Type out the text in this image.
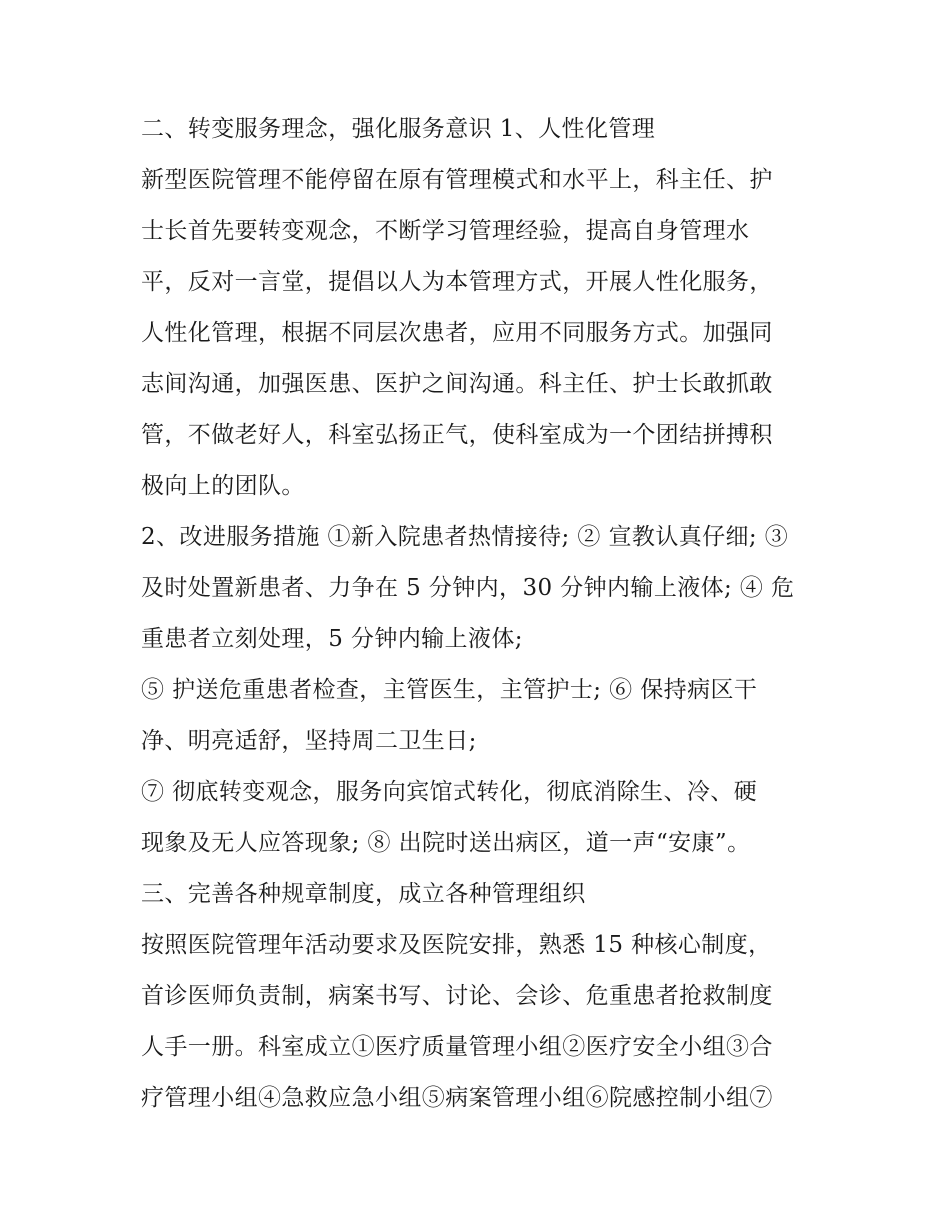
二、转变服务理念，强化服务意识 1、人性化管理
新型医院管理不能停留在原有管理模式和水平上，科主任、护
士长首先要转变观念，不断学习管理经验，提高自身管理水
平，反对一言堂，提倡以人为本管理方式，开展人性化服务，
人性化管理，根据不同层次患者，应用不同服务方式。加强同
志间沟通，加强医患、医护之间沟通。科主任、护士长敢抓敢
管，不做老好人，科室弘扬正气，使科室成为一个团结拼搏积
极向上的团队。
2、改进服务措施 ①新入院患者热情接待; ② 宣教认真仔细; ③
及时处置新患者、力争在 5 分钟内，30 分钟内输上液体; ④ 危
重患者立刻处理，5 分钟内输上液体;
⑤ 护送危重患者检查，主管医生，主管护士; ⑥ 保持病区干
净、明亮适舒，坚持周二卫生日;
⑦ 彻底转变观念，服务向宾馆式转化，彻底消除生、冷、硬
现象及无人应答现象; ⑧ 出院时送出病区，道一声“安康”。
三、完善各种规章制度，成立各种管理组织
按照医院管理年活动要求及医院安排，熟悉 15 种核心制度，
首诊医师负责制，病案书写、讨论、会诊、危重患者抢救制度
人手一册。科室成立①医疗质量管理小组②医疗安全小组③合
疗管理小组④急救应急小组⑤病案管理小组⑥院感控制小组⑦
